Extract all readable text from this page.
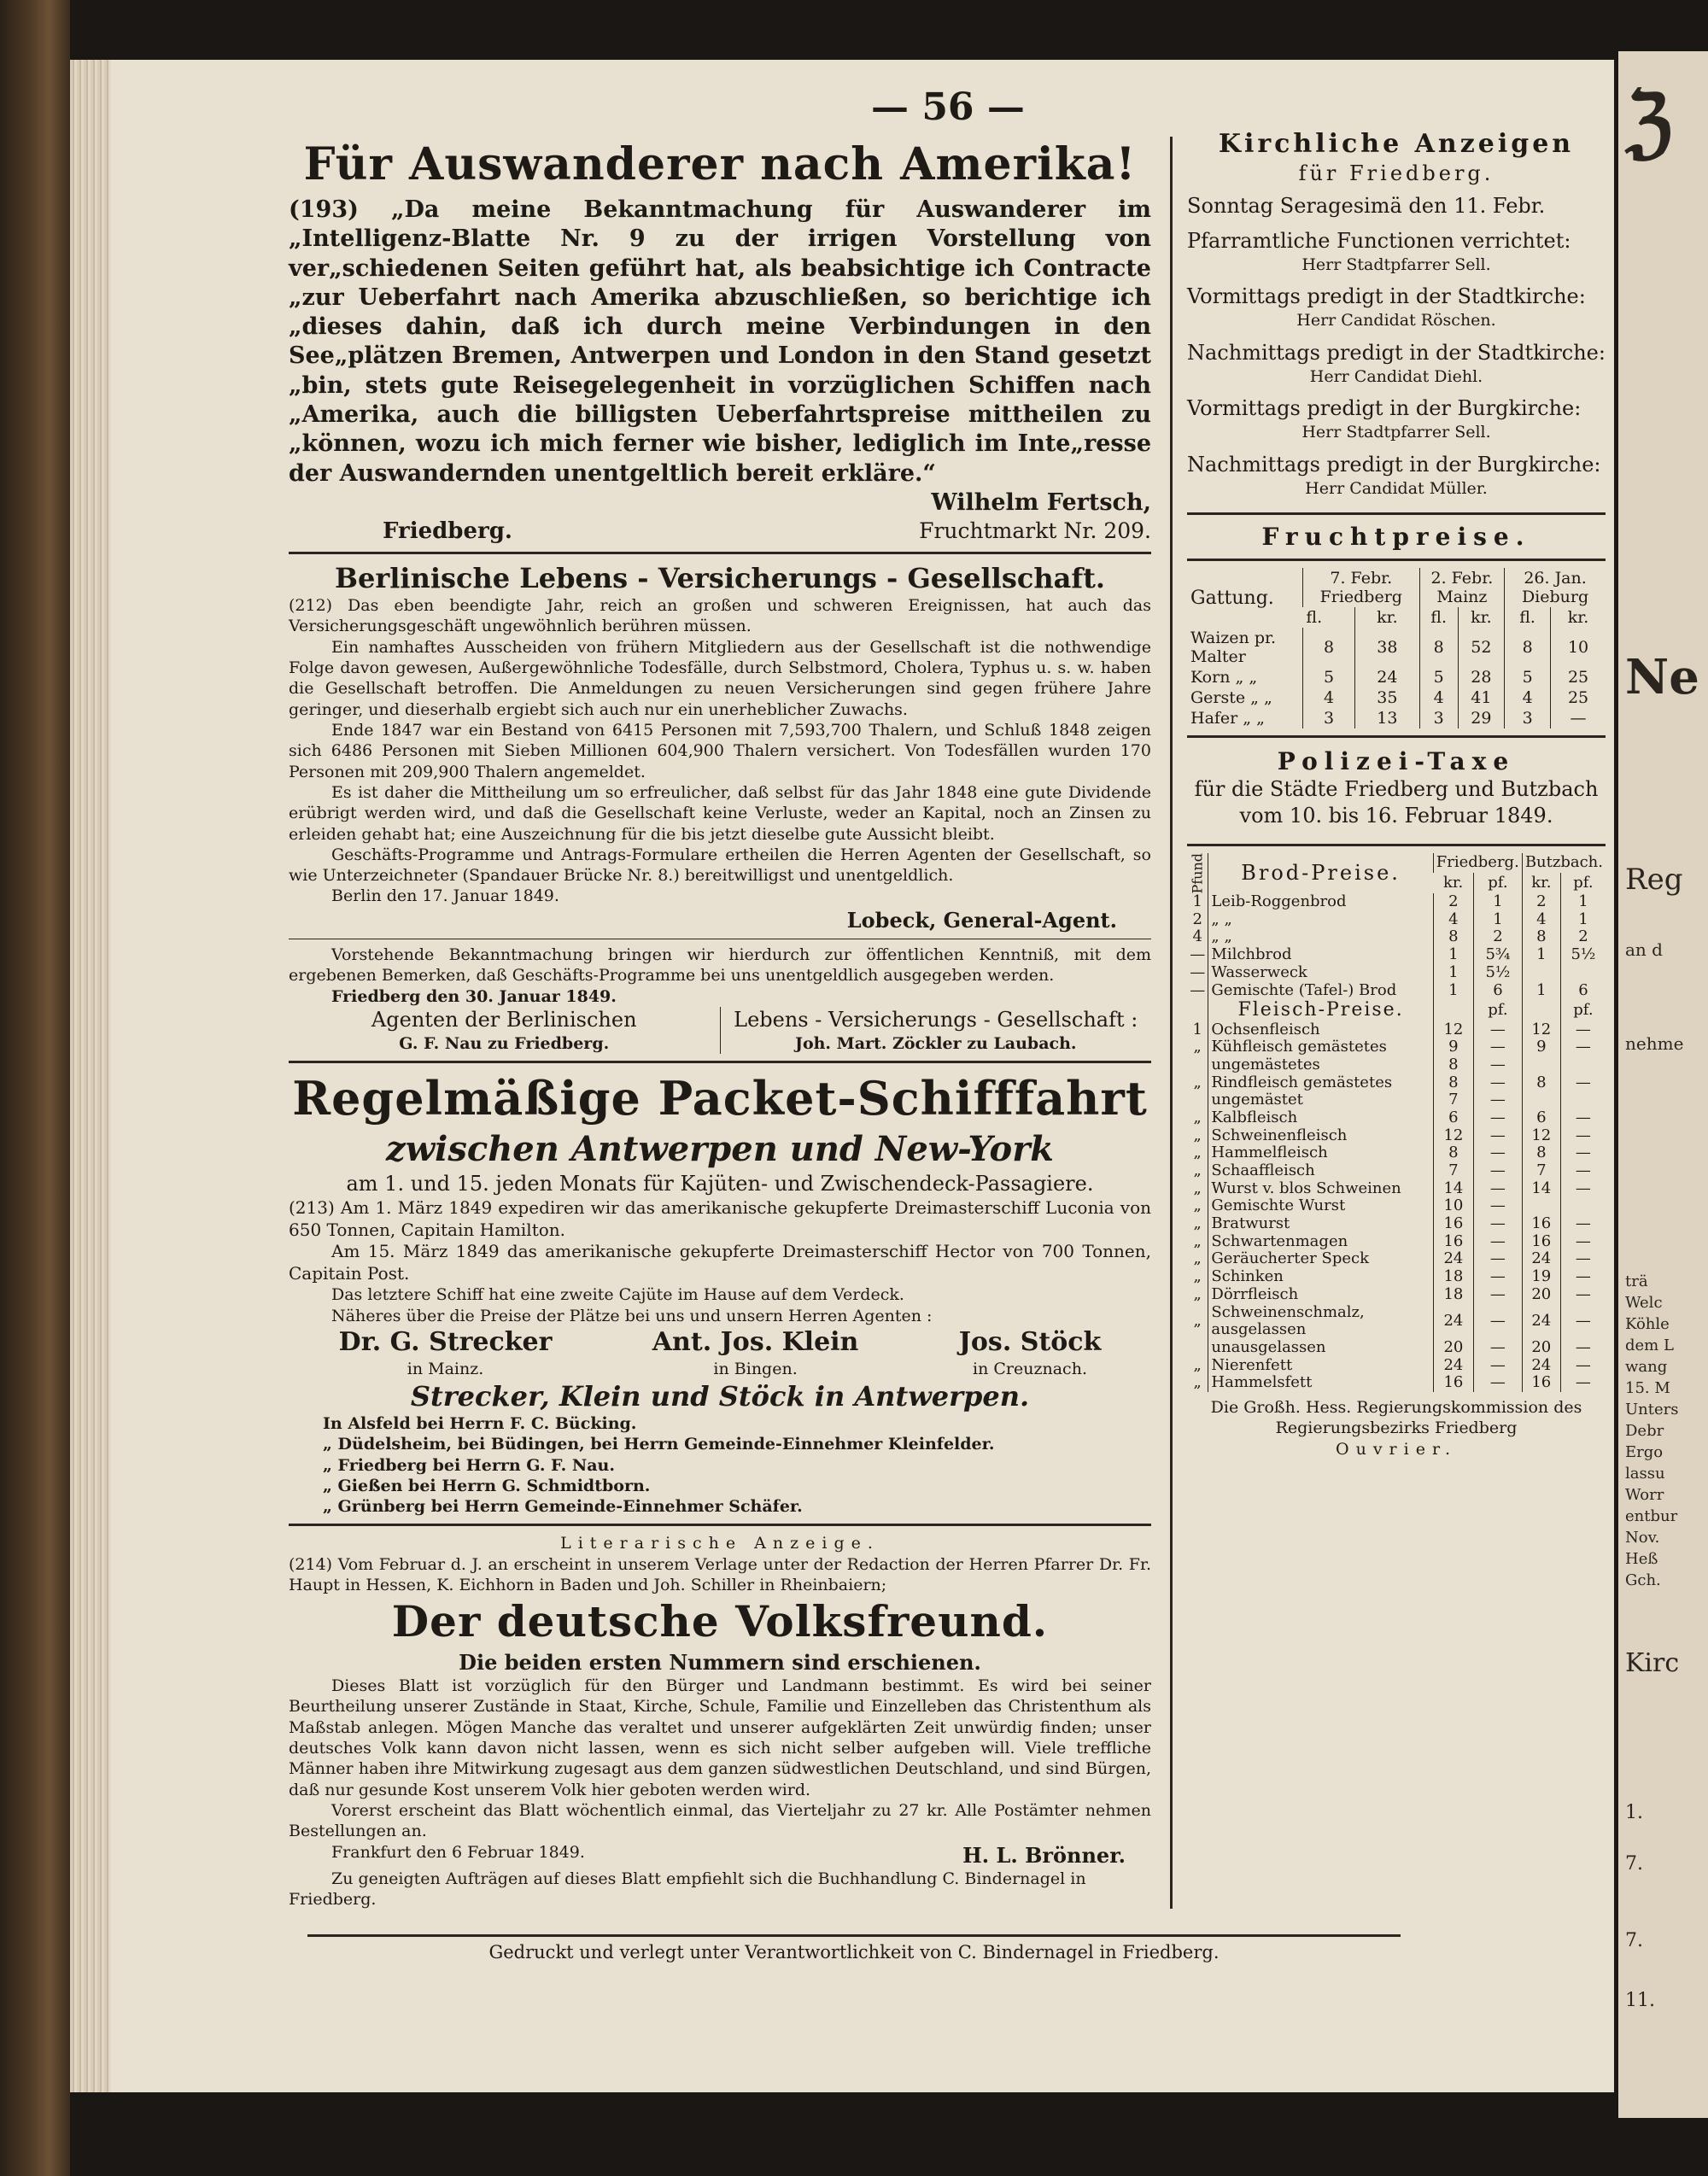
ℨ
Ne
Reg
an d
nehme
trä
Welc
Köhle
dem L
wang
15. M
Unters
Debr
Ergo
lassu
Worr
entbur
Nov.
Heß
Gch.
Kirc
1.
7.
7.
11.
— 56 —

Für Auswanderer nach Amerika!

(193) „Da meine Bekanntmachung für Auswanderer im „Intelligenz-Blatte Nr. 9 zu der irrigen Vorstellung von ver„schiedenen Seiten geführt hat, als beabsichtige ich Contracte „zur Ueberfahrt nach Amerika abzuschließen, so berichtige ich „dieses dahin, daß ich durch meine Verbindungen in den See„plätzen Bremen, Antwerpen und London in den Stand gesetzt „bin, stets gute Reisegelegenheit in vorzüglichen Schiffen nach „Amerika, auch die billigsten Ueberfahrtspreise mittheilen zu „können, wozu ich mich ferner wie bisher, lediglich im Inte„resse der Auswandernden unentgeltlich bereit erkläre.“

Wilhelm Fertsch,

Friedberg.	Fruchtmarkt Nr. 209.

Berlinische Lebens - Versicherungs - Gesellschaft.

(212) Das eben beendigte Jahr, reich an großen und schweren Ereignissen, hat auch das Versicherungsgeschäft ungewöhnlich berühren müssen.

Ein namhaftes Ausscheiden von frühern Mitgliedern aus der Gesellschaft ist die nothwendige Folge davon gewesen, Außergewöhnliche Todesfälle, durch Selbstmord, Cholera, Typhus u. s. w. haben die Gesellschaft betroffen. Die Anmeldungen zu neuen Versicherungen sind gegen frühere Jahre geringer, und dieserhalb ergiebt sich auch nur ein unerheblicher Zuwachs.

Ende 1847 war ein Bestand von 6415 Personen mit 7,593,700 Thalern, und Schluß 1848 zeigen sich 6486 Personen mit Sieben Millionen 604,900 Thalern versichert. Von Todesfällen wurden 170 Personen mit 209,900 Thalern angemeldet.

Es ist daher die Mittheilung um so erfreulicher, daß selbst für das Jahr 1848 eine gute Dividende erübrigt werden wird, und daß die Gesellschaft keine Verluste, weder an Kapital, noch an Zinsen zu erleiden gehabt hat; eine Auszeichnung für die bis jetzt dieselbe gute Aussicht bleibt.

Geschäfts-Programme und Antrags-Formulare ertheilen die Herren Agenten der Gesellschaft, so wie Unterzeichneter (Spandauer Brücke Nr. 8.) bereitwilligst und unentgeldlich.

Berlin den 17. Januar 1849.

Lobeck, General-Agent.

Vorstehende Bekanntmachung bringen wir hierdurch zur öffentlichen Kenntniß, mit dem ergebenen Bemerken, daß Geschäfts-Programme bei uns unentgeldlich ausgegeben werden.

Friedberg den 30. Januar 1849.

Agenten der Berlinischen

G. F. Nau zu Friedberg.

Lebens - Versicherungs - Gesellschaft :

Joh. Mart. Zöckler zu Laubach.

Regelmäßige Packet-Schifffahrt

zwischen Antwerpen und New-York

am 1. und 15. jeden Monats für Kajüten- und Zwischendeck-Passagiere.

(213) Am 1. März 1849 expediren wir das amerikanische gekupferte Dreimasterschiff Luconia von 650 Tonnen, Capitain Hamilton.

Am 15. März 1849 das amerikanische gekupferte Dreimasterschiff Hector von 700 Tonnen, Capitain Post.

Das letztere Schiff hat eine zweite Cajüte im Hause auf dem Verdeck.

Näheres über die Preise der Plätze bei uns und unsern Herren Agenten :

Dr. G. Strecker

in Mainz.

Ant. Jos. Klein

in Bingen.

Jos. Stöck

in Creuznach.

Strecker, Klein und Stöck in Antwerpen.

In Alsfeld bei Herrn F. C. Bücking.

„ Düdelsheim, bei Büdingen, bei Herrn Gemeinde-Einnehmer Kleinfelder.

„ Friedberg bei Herrn G. F. Nau.

„ Gießen bei Herrn G. Schmidtborn.

„ Grünberg bei Herrn Gemeinde-Einnehmer Schäfer.

Literarische Anzeige.

(214) Vom Februar d. J. an erscheint in unserem Verlage unter der Redaction der Herren Pfarrer Dr. Fr. Haupt in Hessen, K. Eichhorn in Baden und Joh. Schiller in Rheinbaiern;

Der deutsche Volksfreund.

Die beiden ersten Nummern sind erschienen.

Dieses Blatt ist vorzüglich für den Bürger und Landmann bestimmt. Es wird bei seiner Beurtheilung unserer Zustände in Staat, Kirche, Schule, Familie und Einzelleben das Christenthum als Maßstab anlegen. Mögen Manche das veraltet und unserer aufgeklärten Zeit unwürdig finden; unser deutsches Volk kann davon nicht lassen, wenn es sich nicht selber aufgeben will. Viele treffliche Männer haben ihre Mitwirkung zugesagt aus dem ganzen südwestlichen Deutschland, und sind Bürgen, daß nur gesunde Kost unserem Volk hier geboten werden wird.

Vorerst erscheint das Blatt wöchentlich einmal, das Vierteljahr zu 27 kr. Alle Postämter nehmen Bestellungen an.

Frankfurt den 6 Februar 1849.	H. L. Brönner.

Zu geneigten Aufträgen auf dieses Blatt empfiehlt sich die Buchhandlung C. Bindernagel in Friedberg.

Kirchliche Anzeigen

für Friedberg.

Sonntag Seragesimä den 11. Febr.

Pfarramtliche Functionen verrichtet:

Herr Stadtpfarrer Sell.

Vormittags predigt in der Stadtkirche:

Herr Candidat Röschen.

Nachmittags predigt in der Stadtkirche:

Herr Candidat Diehl.

Vormittags predigt in der Burgkirche:

Herr Stadtpfarrer Sell.

Nachmittags predigt in der Burgkirche:

Herr Candidat Müller.

Fruchtpreise.

Gattung.	7. Febr. Friedberg		2. Febr. Mainz		26. Jan. Dieburg	
	fl.	kr.	fl.	kr.	fl.	kr.
Waizen pr. Malter	8	38	8	52	8	10
Korn „ „	5	24	5	28	5	25
Gerste „ „	4	35	4	41	4	25
Hafer „ „	3	13	3	29	3	—

Polizei-Taxe

für die Städte Friedberg und Butzbach

vom 10. bis 16. Februar 1849.

Pfund	Brod-Preise.	Friedberg.		Butzbach.	
		kr.	pf.	kr.	pf.
1	Leib-Roggenbrod	2	1	2	1
2	„ „	4	1	4	1
4	„ „	8	2	8	2
—	Milchbrod	1	5¾	1	5½
—	Wasserweck	1	5½		
—	Gemischte (Tafel-) Brod	1	6	1	6
	Fleisch-Preise.		pf.		pf.
1	Ochsenfleisch	12	—	12	—
„	Kühfleisch gemästetes	9	—	9	—
	ungemästetes	8	—		
„	Rindfleisch gemästetes	8	—	8	—
	ungemästet	7	—		
„	Kalbfleisch	6	—	6	—
„	Schweinenfleisch	12	—	12	—
„	Hammelfleisch	8	—	8	—
„	Schaaffleisch	7	—	7	—
„	Wurst v. blos Schweinen	14	—	14	—
„	Gemischte Wurst	10	—		
„	Bratwurst	16	—	16	—
„	Schwartenmagen	16	—	16	—
„	Geräucherter Speck	24	—	24	—
„	Schinken	18	—	19	—
„	Dörrfleisch	18	—	20	—
„	Schweinenschmalz, ausgelassen	24	—	24	—
	unausgelassen	20	—	20	—
„	Nierenfett	24	—	24	—
„	Hammelsfett	16	—	16	—

Die Großh. Hess. Regierungskommission des

Regierungsbezirks Friedberg

Ouvrier.

Gedruckt und verlegt unter Verantwortlichkeit von C. Bindernagel in Friedberg.
